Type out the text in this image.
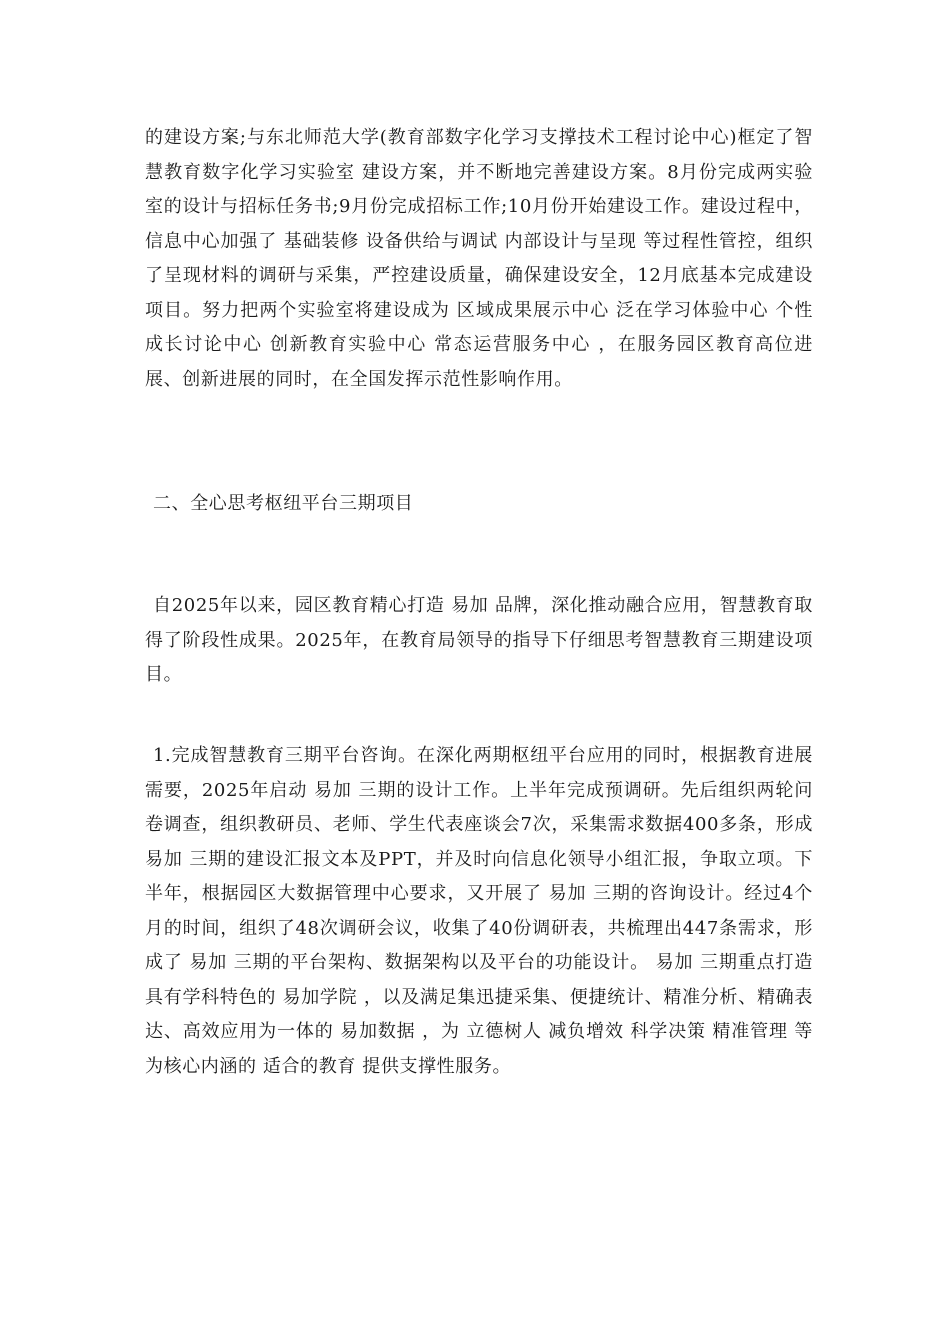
的建设方案;与东北师范大学(教育部数字化学习支撑技术工程讨论中心)框定了智慧教育数字化学习实验室 建设方案，并不断地完善建设方案。8月份完成两实验室的设计与招标任务书;9月份完成招标工作;10月份开始建设工作。建设过程中，信息中心加强了 基础装修 设备供给与调试 内部设计与呈现 等过程性管控，组织了呈现材料的调研与采集，严控建设质量，确保建设安全，12月底基本完成建设项目。努力把两个实验室将建设成为 区域成果展示中心 泛在学习体验中心 个性成长讨论中心 创新教育实验中心 常态运营服务中心 ，在服务园区教育高位进展、创新进展的同时，在全国发挥示范性影响作用。

二、全心思考枢纽平台三期项目

自2025年以来，园区教育精心打造 易加 品牌，深化推动融合应用，智慧教育取得了阶段性成果。2025年，在教育局领导的指导下仔细思考智慧教育三期建设项目。

1.完成智慧教育三期平台咨询。在深化两期枢纽平台应用的同时，根据教育进展需要，2025年启动 易加 三期的设计工作。上半年完成预调研。先后组织两轮问卷调查，组织教研员、老师、学生代表座谈会7次，采集需求数据400多条，形成 易加 三期的建设汇报文本及PPT，并及时向信息化领导小组汇报，争取立项。下半年，根据园区大数据管理中心要求，又开展了 易加 三期的咨询设计。经过4个月的时间，组织了48次调研会议，收集了40份调研表，共梳理出447条需求，形成了 易加 三期的平台架构、数据架构以及平台的功能设计。 易加 三期重点打造具有学科特色的 易加学院 ，以及满足集迅捷采集、便捷统计、精准分析、精确表达、高效应用为一体的 易加数据 ，为 立德树人 减负增效 科学决策 精准管理 等为核心内涵的 适合的教育 提供支撑性服务。
